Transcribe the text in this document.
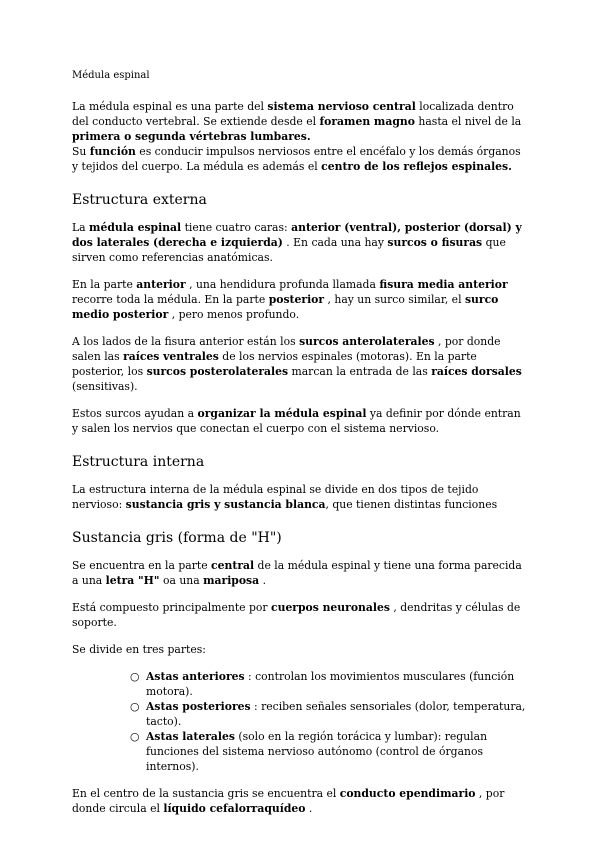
Médula espinal

La médula espinal es una parte del sistema nervioso central localizada dentro del conducto vertebral. Se extiende desde el foramen magno hasta el nivel de la primera o segunda vértebras lumbares.

Su función es conducir impulsos nerviosos entre el encéfalo y los demás órganos y tejidos del cuerpo. La médula es además el centro de los reflejos espinales.

Estructura externa

La médula espinal tiene cuatro caras: anterior (ventral), posterior (dorsal) y dos laterales (derecha e izquierda) . En cada una hay surcos o fisuras que sirven como referencias anatómicas.

En la parte anterior , una hendidura profunda llamada fisura media anterior recorre toda la médula. En la parte posterior , hay un surco similar, el surco medio posterior , pero menos profundo.

A los lados de la fisura anterior están los surcos anterolaterales , por donde salen las raíces ventrales de los nervios espinales (motoras). En la parte posterior, los surcos posterolaterales marcan la entrada de las raíces dorsales (sensitivas).

Estos surcos ayudan a organizar la médula espinal ya definir por dónde entran y salen los nervios que conectan el cuerpo con el sistema nervioso.

Estructura interna

La estructura interna de la médula espinal se divide en dos tipos de tejido nervioso: sustancia gris y sustancia blanca, que tienen distintas funciones

Sustancia gris (forma de "H")

Se encuentra en la parte central de la médula espinal y tiene una forma parecida a una letra "H" oa una mariposa .

Está compuesto principalmente por cuerpos neuronales , dendritas y células de soporte.

Se divide en tres partes:

○ Astas anteriores : controlan los movimientos musculares (función motora).
○ Astas posteriores : reciben señales sensoriales (dolor, temperatura, tacto).
○ Astas laterales (solo en la región torácica y lumbar): regulan funciones del sistema nervioso autónomo (control de órganos internos).

En el centro de la sustancia gris se encuentra el conducto ependimario , por donde circula el líquido cefalorraquídeo .
